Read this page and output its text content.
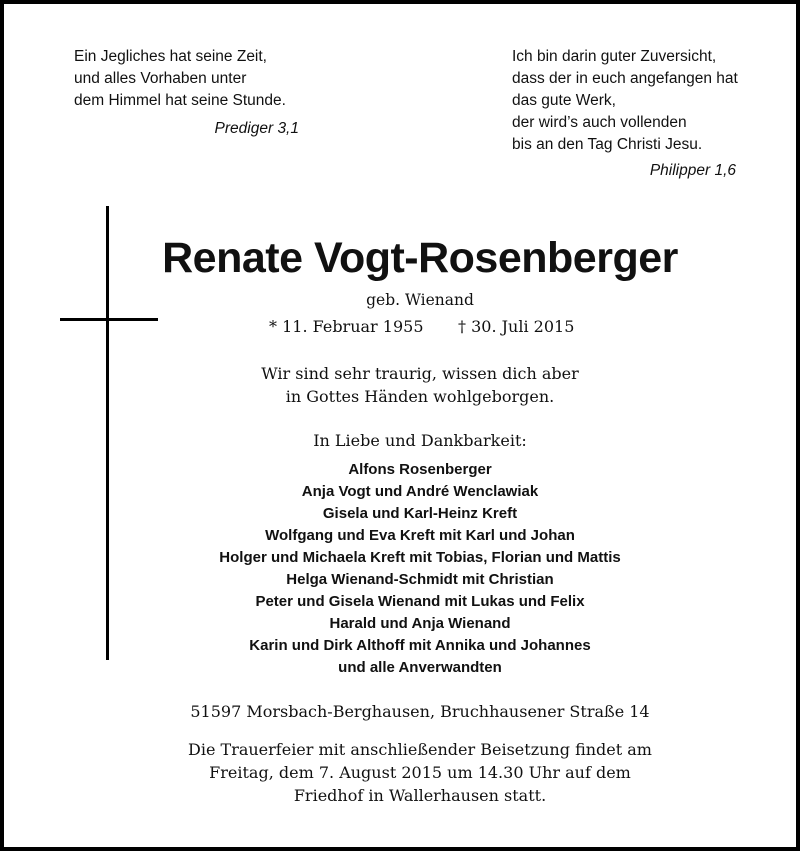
Ein Jegliches hat seine Zeit,
und alles Vorhaben unter
dem Himmel hat seine Stunde.
Prediger 3,1
Ich bin darin guter Zuversicht,
dass der in euch angefangen hat
das gute Werk,
der wird’s auch vollenden
bis an den Tag Christi Jesu.
Philipper 1,6
Renate Vogt-Rosenberger
geb. Wienand
* 11. Februar 1955 † 30. Juli 2015
Wir sind sehr traurig, wissen dich aber
in Gottes Händen wohlgeborgen.
In Liebe und Dankbarkeit:
Alfons Rosenberger
Anja Vogt und André Wenclawiak
Gisela und Karl-Heinz Kreft
Wolfgang und Eva Kreft mit Karl und Johan
Holger und Michaela Kreft mit Tobias, Florian und Mattis
Helga Wienand-Schmidt mit Christian
Peter und Gisela Wienand mit Lukas und Felix
Harald und Anja Wienand
Karin und Dirk Althoff mit Annika und Johannes
und alle Anverwandten
51597 Morsbach-Berghausen, Bruchhausener Straße 14
Die Trauerfeier mit anschließender Beisetzung findet am
Freitag, dem 7. August 2015 um 14.30 Uhr auf dem
Friedhof in Wallerhausen statt.
